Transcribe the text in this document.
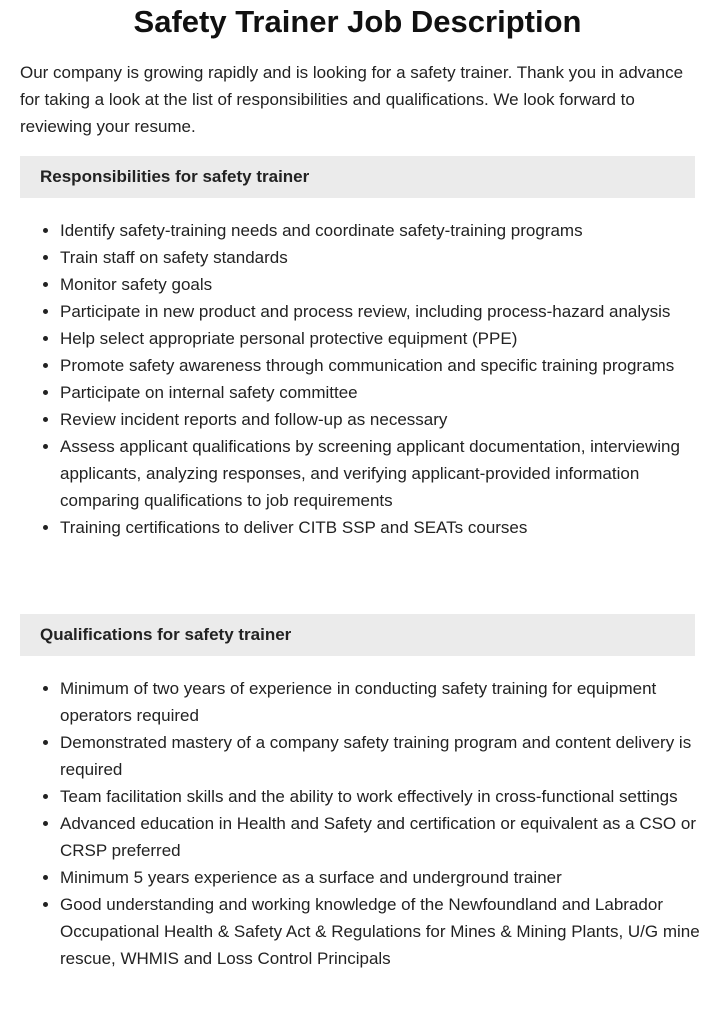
Safety Trainer Job Description

Our company is growing rapidly and is looking for a safety trainer. Thank you in advance for taking a look at the list of responsibilities and qualifications. We look forward to reviewing your resume.

Responsibilities for safety trainer
• Identify safety-training needs and coordinate safety-training programs
• Train staff on safety standards
• Monitor safety goals
• Participate in new product and process review, including process-hazard analysis
• Help select appropriate personal protective equipment (PPE)
• Promote safety awareness through communication and specific training programs
• Participate on internal safety committee
• Review incident reports and follow-up as necessary
• Assess applicant qualifications by screening applicant documentation, interviewing applicants, analyzing responses, and verifying applicant-provided information comparing qualifications to job requirements
• Training certifications to deliver CITB SSP and SEATs courses
Qualifications for safety trainer
• Minimum of two years of experience in conducting safety training for equipment operators required
• Demonstrated mastery of a company safety training program and content delivery is required
• Team facilitation skills and the ability to work effectively in cross-functional settings
• Advanced education in Health and Safety and certification or equivalent as a CSO or CRSP preferred
• Minimum 5 years experience as a surface and underground trainer
• Good understanding and working knowledge of the Newfoundland and Labrador Occupational Health & Safety Act & Regulations for Mines & Mining Plants, U/G mine rescue, WHMIS and Loss Control Principals
